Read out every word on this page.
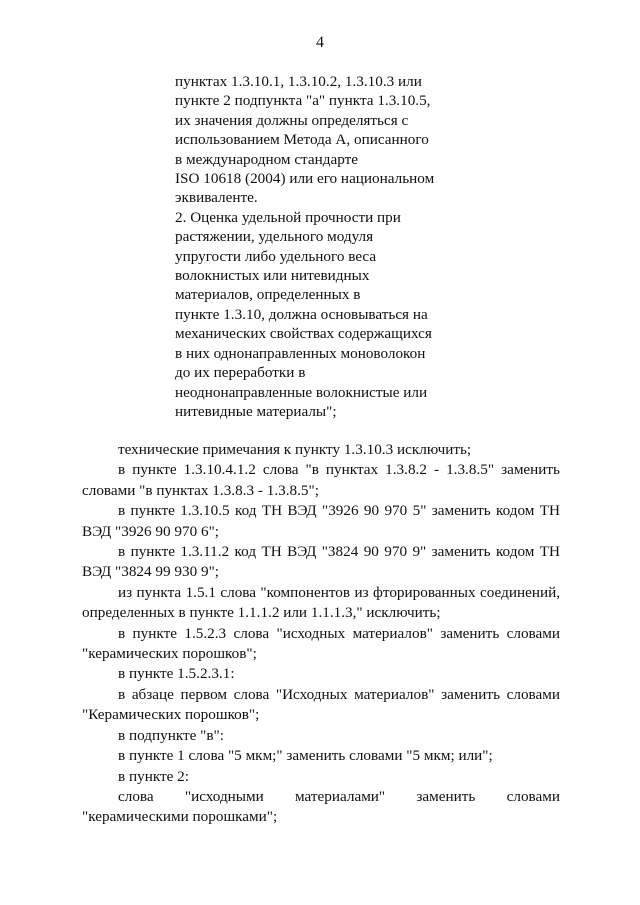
4
пунктах 1.3.10.1, 1.3.10.2, 1.3.10.3 или
пункте 2 подпункта "a" пункта 1.3.10.5,
их значения должны определяться с
использованием Метода А, описанного
в международном стандарте
ISO 10618 (2004) или его национальном
эквиваленте.
2. Оценка удельной прочности при
растяжении, удельного модуля
упругости либо удельного веса
волокнистых или нитевидных
материалов, определенных в
пункте 1.3.10, должна основываться на
механических свойствах содержащихся
в них однонаправленных моноволокон
до их переработки в
неоднонаправленные волокнистые или
нитевидные материалы";

технические примечания к пункту 1.3.10.3 исключить;

в пункте 1.3.10.4.1.2 слова "в пунктах 1.3.8.2 - 1.3.8.5" заменить словами "в пунктах 1.3.8.3 - 1.3.8.5";

в пункте 1.3.10.5 код ТН ВЭД "3926 90 970 5" заменить кодом ТН ВЭД "3926 90 970 6";

в пункте 1.3.11.2 код ТН ВЭД "3824 90 970 9" заменить кодом ТН ВЭД "3824 99 930 9";

из пункта 1.5.1 слова "компонентов из фторированных соединений, определенных в пункте 1.1.1.2 или 1.1.1.3," исключить;

в пункте 1.5.2.3 слова "исходных материалов" заменить словами "керамических порошков";

в пункте 1.5.2.3.1:

в абзаце первом слова "Исходных материалов" заменить словами "Керамических порошков";

в подпункте "в":

в пункте 1 слова "5 мкм;" заменить словами "5 мкм; или";

в пункте 2:

слова "исходными материалами" заменить словами "керамическими порошками";
